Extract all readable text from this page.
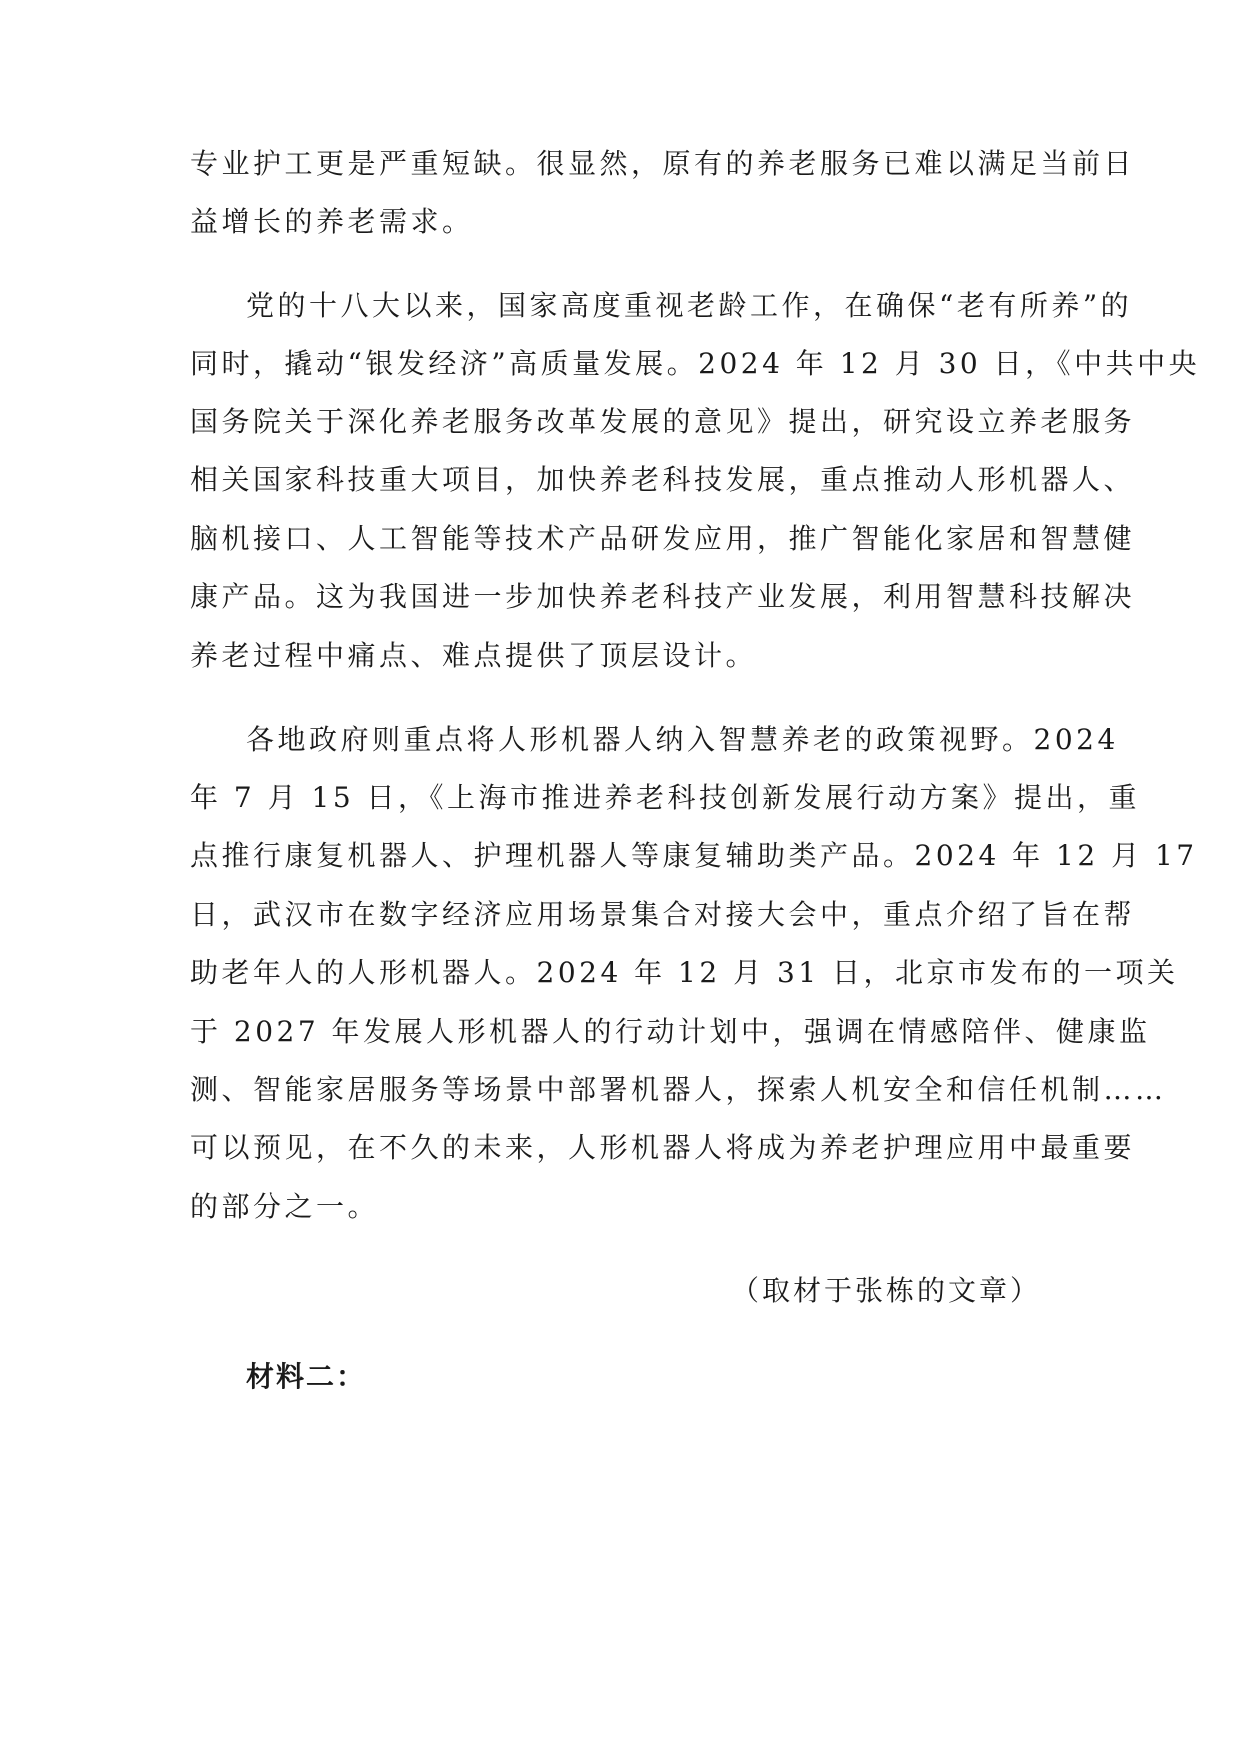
专业护工更是严重短缺。很显然，原有的养老服务已难以满足当前日
益增长的养老需求。
党的十八大以来，国家高度重视老龄工作，在确保“老有所养”的
同时，撬动“银发经济”高质量发展。2024 年 12 月 30 日，《中共中央
国务院关于深化养老服务改革发展的意见》提出，研究设立养老服务
相关国家科技重大项目，加快养老科技发展，重点推动人形机器人、
脑机接口、人工智能等技术产品研发应用，推广智能化家居和智慧健
康产品。这为我国进一步加快养老科技产业发展，利用智慧科技解决
养老过程中痛点、难点提供了顶层设计。
各地政府则重点将人形机器人纳入智慧养老的政策视野。2024
年 7 月 15 日，《上海市推进养老科技创新发展行动方案》提出，重
点推行康复机器人、护理机器人等康复辅助类产品。2024 年 12 月 17
日，武汉市在数字经济应用场景集合对接大会中，重点介绍了旨在帮
助老年人的人形机器人。2024 年 12 月 31 日，北京市发布的一项关
于 2027 年发展人形机器人的行动计划中，强调在情感陪伴、健康监
测、智能家居服务等场景中部署机器人，探索人机安全和信任机制……
可以预见，在不久的未来，人形机器人将成为养老护理应用中最重要
的部分之一。
（取材于张栋的文章）
材料二：
